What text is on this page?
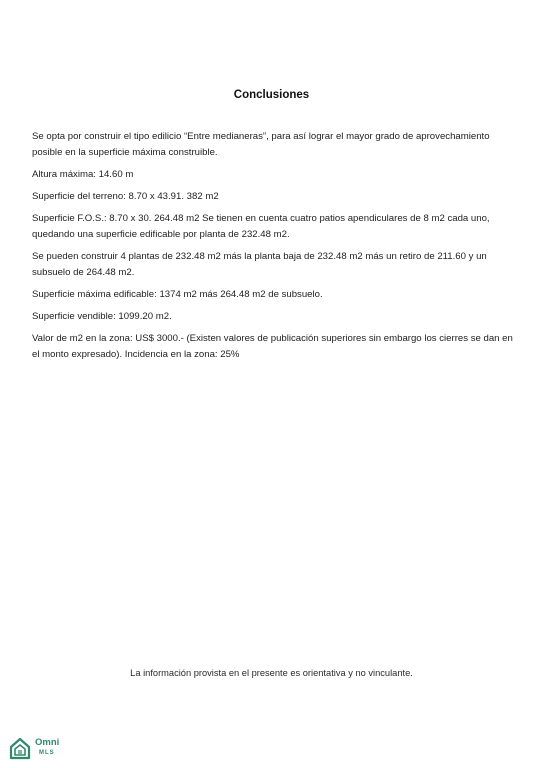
Conclusiones

Se opta por construir el tipo edilicio “Entre medianeras”, para así lograr el mayor grado de aprovechamiento posible en la superficie máxima construible.

Altura máxima: 14.60 m

Superficie del terreno: 8.70 x 43.91. 382 m2

Superficie F.O.S.: 8.70 x 30. 264.48 m2 Se tienen en cuenta cuatro patios apendiculares de 8 m2 cada uno, quedando una superficie edificable por planta de 232.48 m2.

Se pueden construir 4 plantas de 232.48 m2 más la planta baja de 232.48 m2 más un retiro de 211.60 y un subsuelo de 264.48 m2.

Superficie máxima edificable: 1374 m2 más 264.48 m2 de subsuelo.

Superficie vendible: 1099.20 m2.

Valor de m2 en la zona: US$ 3000.- (Existen valores de publicación superiores sin embargo los cierres se dan en el monto expresado). Incidencia en la zona: 25%

La información provista en el presente es orientativa y no vinculante.
Omni
MLS
